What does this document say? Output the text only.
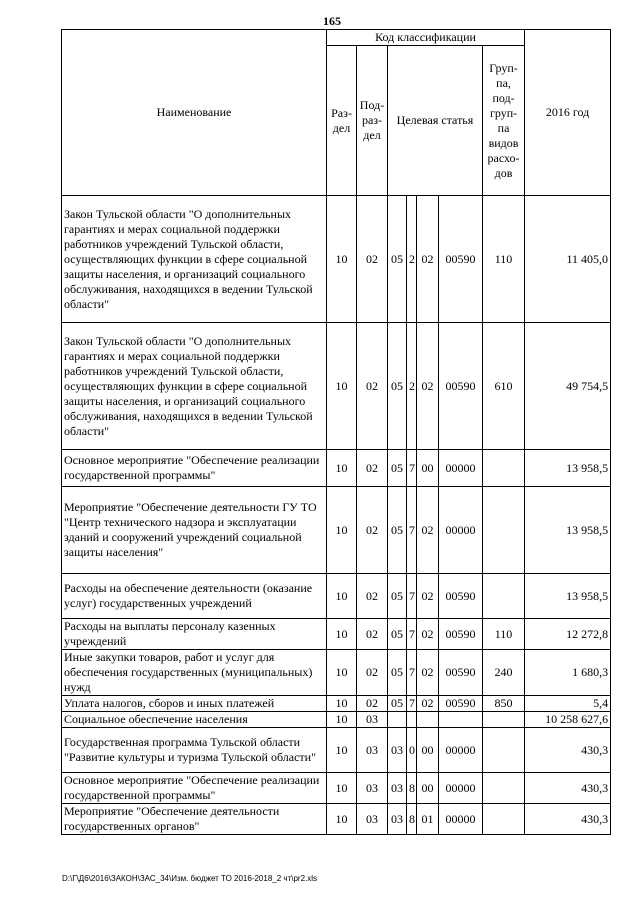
165
Наименование	Код классификации							2016 год
	Раз-дел	Под-раз-дел	Целевая статья				Груп-па, под-груп-па видов расхо-дов	
Закон Тульской области "О дополнительных гарантиях и мерах социальной поддержки работников учреждений Тульской области, осуществляющих функции в сфере социальной защиты населения, и организаций социального обслуживания, находящихся в ведении Тульской области"	10	02	05	2	02	00590	110	11 405,0
Закон Тульской области "О дополнительных гарантиях и мерах социальной поддержки работников учреждений Тульской области, осуществляющих функции в сфере социальной защиты населения, и организаций социального обслуживания, находящихся в ведении Тульской области"	10	02	05	2	02	00590	610	49 754,5
Основное мероприятие "Обеспечение реализации государственной программы"	10	02	05	7	00	00000		13 958,5
Мероприятие "Обеспечение деятельности ГУ ТО "Центр технического надзора и эксплуатации зданий и сооружений учреждений социальной защиты населения"	10	02	05	7	02	00000		13 958,5
Расходы на обеспечение деятельности (оказание услуг) государственных учреждений	10	02	05	7	02	00590		13 958,5
Расходы на выплаты персоналу казенных учреждений	10	02	05	7	02	00590	110	12 272,8
Иные закупки товаров, работ и услуг для обеспечения государственных (муниципальных) нужд	10	02	05	7	02	00590	240	1 680,3
Уплата налогов, сборов и иных платежей	10	02	05	7	02	00590	850	5,4
Социальное обеспечение населения	10	03						10 258 627,6
Государственная программа Тульской области "Развитие культуры и туризма Тульской области"	10	03	03	0	00	00000		430,3
Основное мероприятие "Обеспечение реализации государственной программы"	10	03	03	8	00	00000		430,3
Мероприятие "Обеспечение деятельности государственных органов"	10	03	03	8	01	00000		430,3
D:\Г\Д6\2016\ЗАКОН\ЗАС_34\Изм. бюджет ТО 2016-2018_2 чт\pr2.xls
